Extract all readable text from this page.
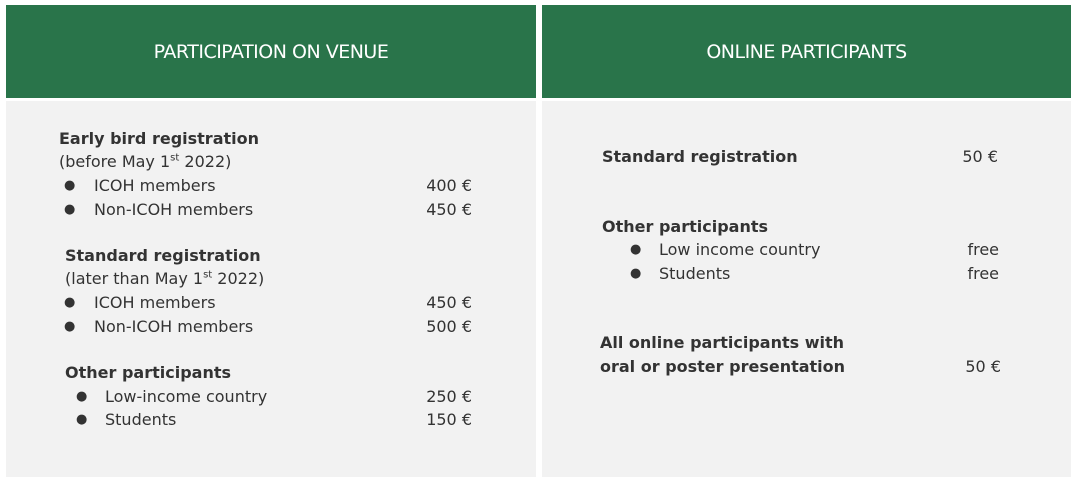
PARTICIPATION ON VENUE
Early bird registration
(before May 1st 2022)
● ICOH members	400 €
● Non-ICOH members	450 €
Standard registration
(later than May 1st 2022)
● ICOH members	450 €
● Non-ICOH members	500 €
Other participants
● Low-income country	250 €
● Students	150 €
ONLINE PARTICIPANTS
Standard registration	50 €
Other participants
● Low income country	free
● Students	free
All online participants with
oral or poster presentation	50 €
